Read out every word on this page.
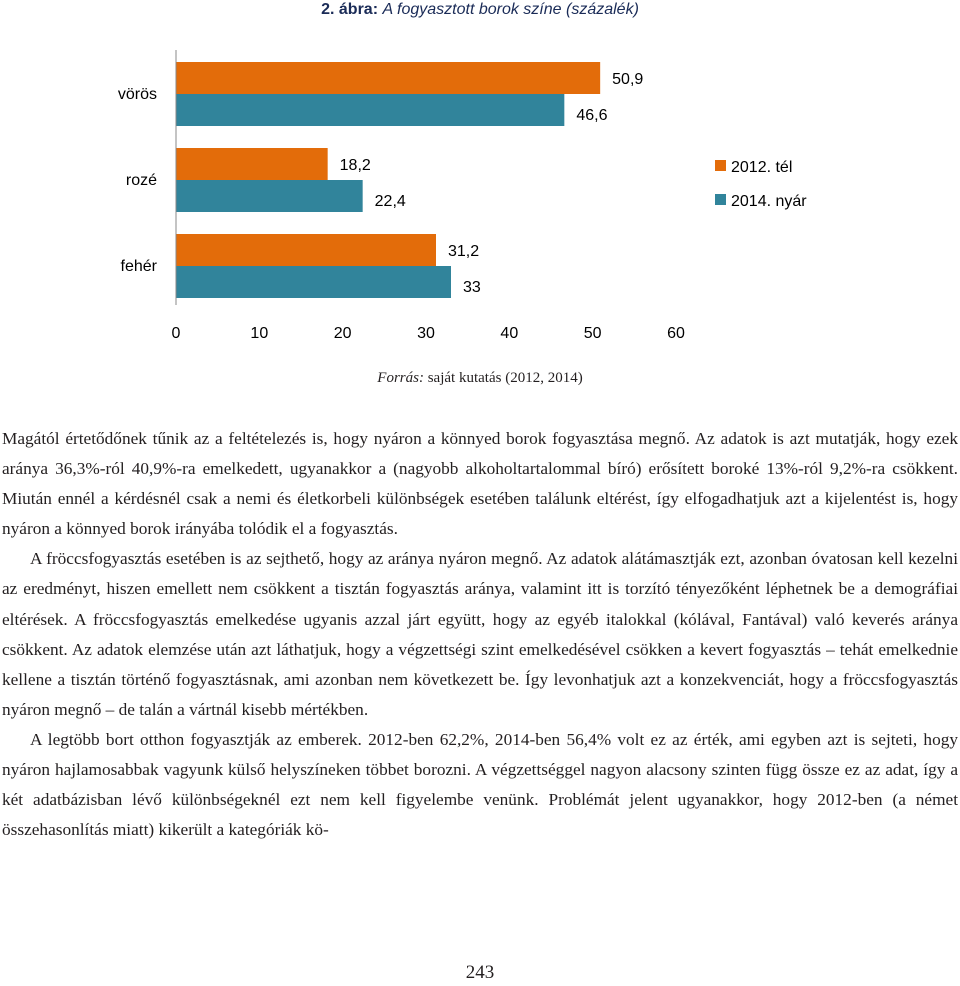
2. ábra: A fogyasztott borok színe (százalék)
vörös
rozé
fehér
50,9
46,6
18,2
22,4
31,2
33
0	10	20	30	40	50	60
2012. tél
2014. nyár
Forrás: saját kutatás (2012, 2014)

Magától értetődőnek tűnik az a feltételezés is, hogy nyáron a könnyed borok fogyasztása megnő. Az adatok is azt mutatják, hogy ezek aránya 36,3%-ról 40,9%-ra emelkedett, ugyanakkor a (nagyobb alkoholtartalommal bíró) erősített boroké 13%-ról 9,2%-ra csökkent. Miután ennél a kérdésnél csak a nemi és életkorbeli különbségek esetében találunk eltérést, így elfogadhatjuk azt a kijelentést is, hogy nyáron a könnyed borok irányába tolódik el a fogyasztás.

A fröccsfogyasztás esetében is az sejthető, hogy az aránya nyáron megnő. Az adatok alátámasztják ezt, azonban óvatosan kell kezelni az eredményt, hiszen emellett nem csökkent a tisztán fogyasztás aránya, valamint itt is torzító tényezőként léphetnek be a demográfiai eltérések. A fröccsfogyasztás emelkedése ugyanis azzal járt együtt, hogy az egyéb italokkal (kólával, Fantával) való keverés aránya csökkent. Az adatok elemzése után azt láthatjuk, hogy a végzettségi szint emelkedésével csökken a kevert fogyasztás – tehát emelkednie kellene a tisztán történő fogyasztásnak, ami azonban nem következett be. Így levonhatjuk azt a konzekvenciát, hogy a fröccsfogyasztás nyáron megnő – de talán a vártnál kisebb mértékben.

A legtöbb bort otthon fogyasztják az emberek. 2012-ben 62,2%, 2014-ben 56,4% volt ez az érték, ami egyben azt is sejteti, hogy nyáron hajlamosabbak vagyunk külső helyszíneken többet borozni. A végzettséggel nagyon alacsony szinten függ össze ez az adat, így a két adatbázisban lévő különbségeknél ezt nem kell figyelembe venünk. Problémát jelent ugyanakkor, hogy 2012-ben (a német összehasonlítás miatt) kikerült a kategóriák kö-

243
